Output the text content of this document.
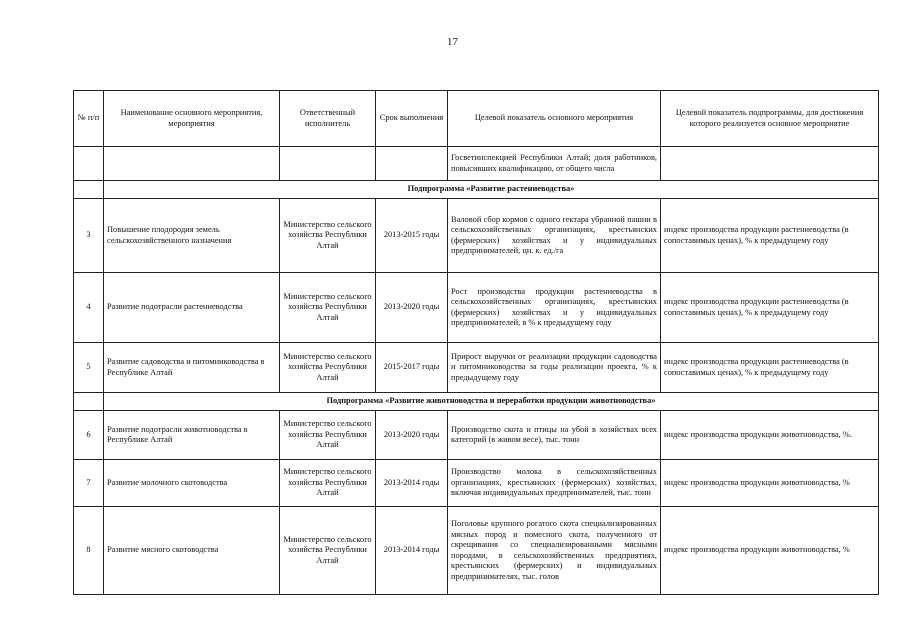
17
№ п/п	Наименование основного мероприятия, мероприятия	Ответственный исполнитель	Срок выполнения	Целевой показатель основного мероприятия	Целевой показатель подпрограммы, для достижения которого реализуется основное мероприятие
				Госветинспекцией Республики Алтай; доля работников, повысивших квалификацию, от общего числа	
	Подпрограмма «Развитие растениеводства»				
3	Повышение плодородия земель сельскохозяйственного назначения	Министерство сельского хозяйства Республики Алтай	2013-2015 годы	Валовой сбор кормов с одного гектара убранной пашни в сельскохозяйственных организациях, крестьянских (фермерских) хозяйствах и у индивидуальных предпринимателей, цн. к. ед./га	индекс производства продукции растениеводства (в сопоставимых ценах), % к предыдущему году
4	Развитие подотрасли растениеводства	Министерство сельского хозяйства Республики Алтай	2013-2020 годы	Рост производства продукции растениеводства в сельскохозяйственных организациях, крестьянских (фермерских) хозяйствах и у индивидуальных предпринимателей, в % к предыдущему году	индекс производства продукции растениеводства (в сопоставимых ценах), % к предыдущему году
5	Развитие садоводства и питомниководства в Республике Алтай	Министерство сельского хозяйства Республики Алтай	2015-2017 годы	Прирост выручки от реализации продукции садоводства и питомниководства за годы реализации проекта, % к предыдущему году	индекс производства продукции растениеводства (в сопоставимых ценах), % к предыдущему году
	Подпрограмма «Развитие животноводства и переработки продукции животноводства»				
6	Развитие подотрасли животноводства в Республике Алтай	Министерство сельского хозяйства Республики Алтай	2013-2020 годы	Производство скота и птицы на убой в хозяйствах всех категорий (в живом весе), тыс. тонн	индекс производства продукции животноводства, %.
7	Развитие молочного скотоводства	Министерство сельского хозяйства Республики Алтай	2013-2014 годы	Производство молока в сельскохозяйственных организациях, крестьянских (фермерских) хозяйствах, включая индивидуальных предпринимателей, тыс. тонн	индекс производства продукции животноводства, %
8	Развитие мясного скотоводства	Министерство сельского хозяйства Республики Алтай	2013-2014 годы	Поголовье крупного рогатого скота специализированных мясных пород и помесного скота, полученного от скрещивания со специализированными мясными породами, в сельскохозяйственных предприятиях, крестьянских (фермерских) и индивидуальных предпринимателях, тыс. голов	индекс производства продукции животноводства, %
